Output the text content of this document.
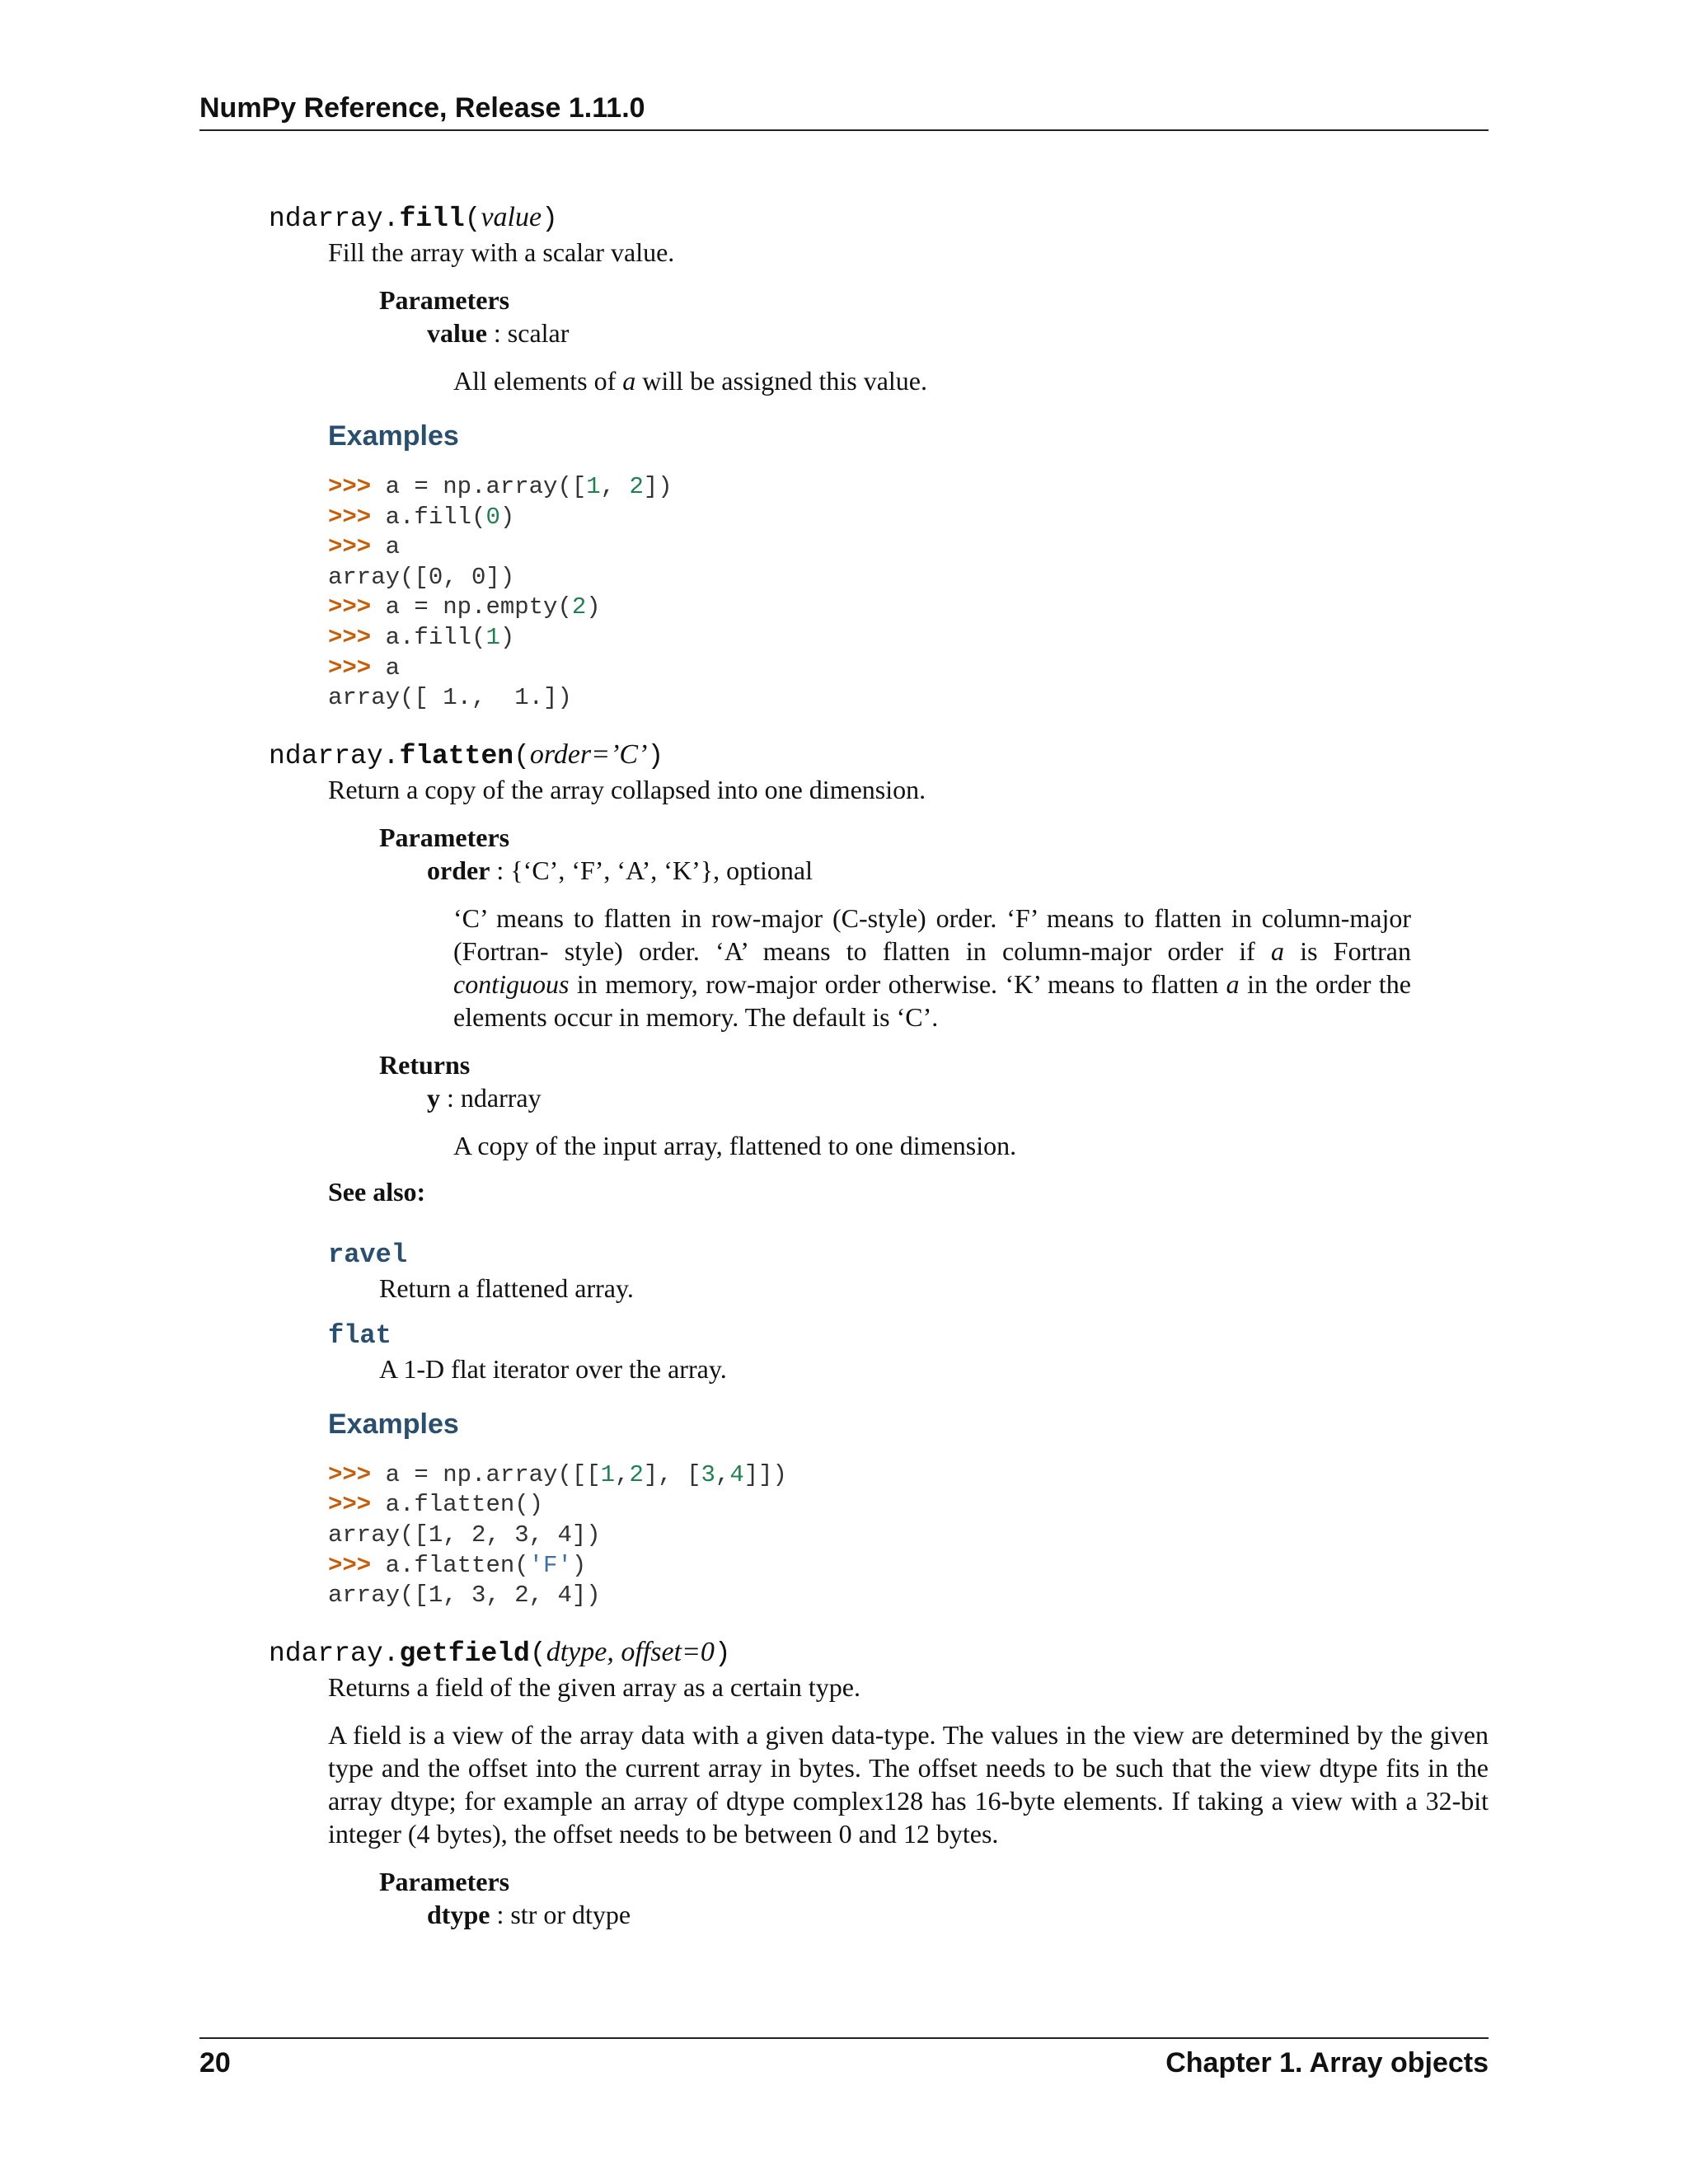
NumPy Reference, Release 1.11.0
ndarray.fill(value)

Fill the array with a scalar value.

Parameters
value : scalar
All elements of a will be assigned this value.
Examples
>>> a = np.array([1, 2])
>>> a.fill(0)
>>> a
array([0, 0])
>>> a = np.empty(2)
>>> a.fill(1)
>>> a
array([ 1.,  1.])
ndarray.flatten(order=’C’)

Return a copy of the array collapsed into one dimension.

Parameters
order : {‘C’, ‘F’, ‘A’, ‘K’}, optional
‘C’ means to flatten in row-major (C-style) order. ‘F’ means to flatten in column-major (Fortran- style) order. ‘A’ means to flatten in column-major order if a is Fortran contiguous in memory, row-major order otherwise. ‘K’ means to flatten a in the order the elements occur in memory. The default is ‘C’.
Returns
y : ndarray
A copy of the input array, flattened to one dimension.
See also:
ravel
Return a flattened array.
flat
A 1-D flat iterator over the array.
Examples
>>> a = np.array([[1,2], [3,4]])
>>> a.flatten()
array([1, 2, 3, 4])
>>> a.flatten('F')
array([1, 3, 2, 4])
ndarray.getfield(dtype, offset=0)

Returns a field of the given array as a certain type.

A field is a view of the array data with a given data-type. The values in the view are determined by the given type and the offset into the current array in bytes. The offset needs to be such that the view dtype fits in the array dtype; for example an array of dtype complex128 has 16-byte elements. If taking a view with a 32-bit integer (4 bytes), the offset needs to be between 0 and 12 bytes.

Parameters
dtype : str or dtype
20	Chapter 1. Array objects
